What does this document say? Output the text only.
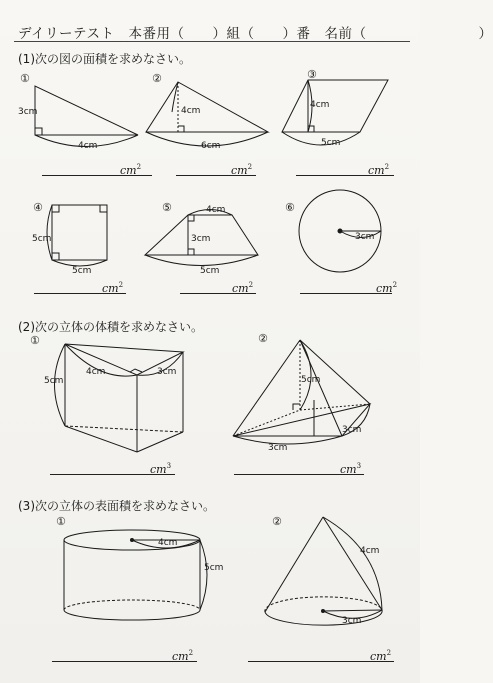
デイリーテスト　本番用（　　）組（　　）番　名前（　　　　　　　　）
(1)次の図の面積を求めなさい。
①
3cm
4cm
②
4cm
6cm
③
4cm
5cm
$cm^2$	$cm^2$	$cm^2$
④
5cm
5cm
⑤	4cm
3cm
5cm
⑥
3cm
$cm^2$	$cm^2$	$cm^2$
(2)次の立体の体積を求めなさい。
①
5cm
4cm	3cm
②
5cm
3cm
3cm
$cm^3$	$cm^3$
(3)次の立体の表面積を求めなさい。
①
4cm
5cm
②
4cm
3cm
$cm^2$	$cm^2$
